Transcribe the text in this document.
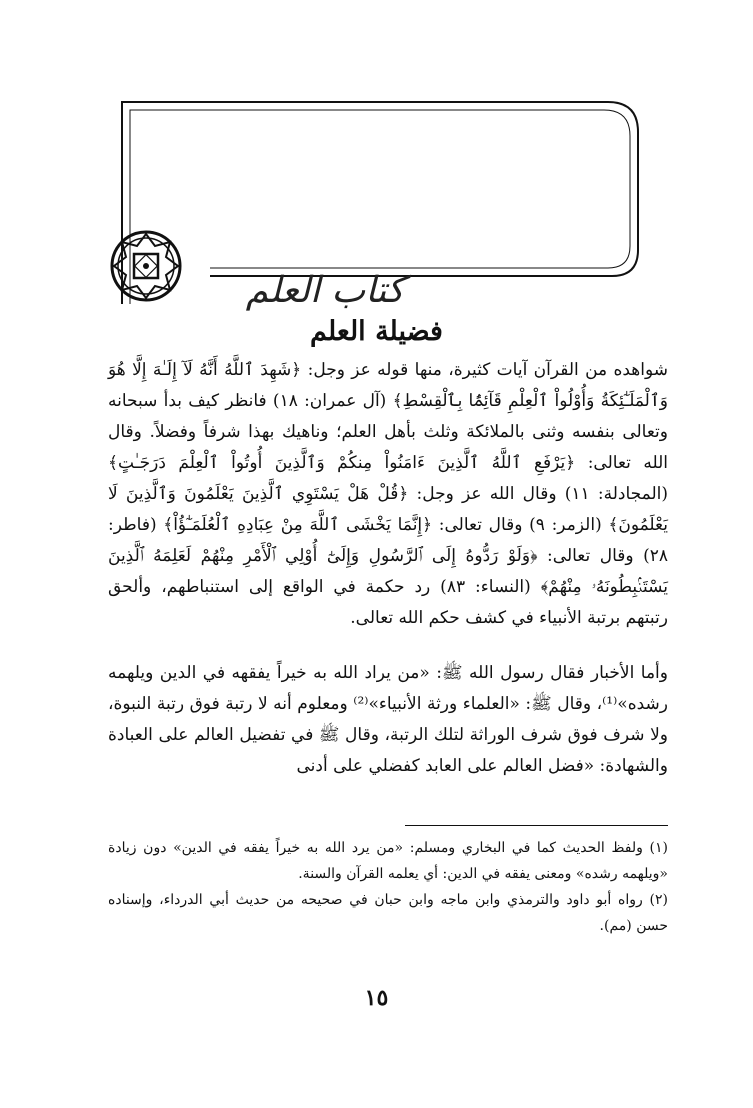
كتاب العلم
فضيلة العلم

شواهده من القرآن آيات كثيرة، منها قوله عز وجل: ﴿شَهِدَ ٱللَّهُ أَنَّهُ لَآ إِلَـٰهَ إِلَّا هُوَ وَٱلْمَلَـٰٓئِكَةُ وَأُوْلُواْ ٱلْعِلْمِ قَآئِمًۢا بِٱلْقِسْطِ﴾ (آل عمران: ١٨) فانظر كيف بدأ سبحانه وتعالى بنفسه وثنى بالملائكة وثلث بأهل العلم؛ وناهيك بهذا شرفاً وفضلاً. وقال الله تعالى: ﴿يَرْفَعِ ٱللَّهُ ٱلَّذِينَ ءَامَنُواْ مِنكُمْ وَٱلَّذِينَ أُوتُواْ ٱلْعِلْمَ دَرَجَـٰتٍ﴾ (المجادلة: ١١) وقال الله عز وجل: ﴿قُلْ هَلْ يَسْتَوِي ٱلَّذِينَ يَعْلَمُونَ وَٱلَّذِينَ لَا يَعْلَمُونَ﴾ (الزمر: ٩) وقال تعالى: ﴿إِنَّمَا يَخْشَى ٱللَّهَ مِنْ عِبَادِهِ ٱلْعُلَمَـٰٓؤُاْ﴾ (فاطر: ٢٨) وقال تعالى: ﴿وَلَوْ رَدُّوهُ إِلَى ٱلرَّسُولِ وَإِلَىٰٓ أُوْلِي ٱلْأَمْرِ مِنْهُمْ لَعَلِمَهُ ٱلَّذِينَ يَسْتَنۢبِطُونَهُۥ مِنْهُمْ﴾ (النساء: ٨٣) رد حكمة في الواقع إلى استنباطهم، وألحق رتبتهم برتبة الأنبياء في كشف حكم الله تعالى.

وأما الأخبار فقال رسول الله ﷺ: «من يراد الله به خيراً يفقهه في الدين ويلهمه رشده»⁽¹⁾، وقال ﷺ: «العلماء ورثة الأنبياء»⁽²⁾ ومعلوم أنه لا رتبة فوق رتبة النبوة، ولا شرف فوق شرف الوراثة لتلك الرتبة، وقال ﷺ في تفضيل العالم على العبادة والشهادة: «فضل العالم على العابد كفضلي على أدنى

(١) ولفظ الحديث كما في البخاري ومسلم: «من يرد الله به خيراً يفقه في الدين» دون زيادة «ويلهمه رشده» ومعنى يفقه في الدين: أي يعلمه القرآن والسنة.

(٢) رواه أبو داود والترمذي وابن ماجه وابن حبان في صحيحه من حديث أبي الدرداء، وإسناده حسن (مم).

١٥
